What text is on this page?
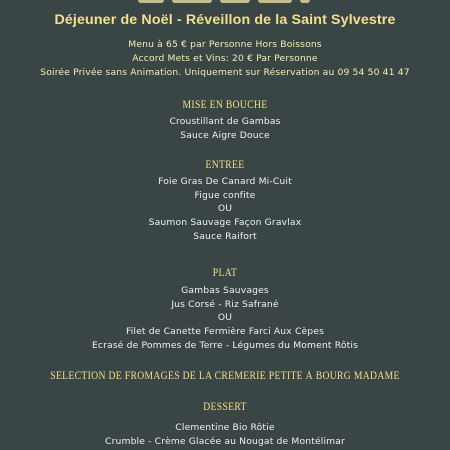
Déjeuner de Noël - Réveillon de la Saint Sylvestre
Menu à 65 € par Personne Hors Boissons
Accord Mets et Vins: 20 € Par Personne
Soirée Privée sans Animation. Uniquement sur Réservation au 09 54 50 41 47
MISE EN BOUCHE
Croustillant de Gambas
Sauce Aigre Douce
ENTREE
Foie Gras De Canard Mi-Cuit
Figue confite
OU
Saumon Sauvage Façon Gravlax
Sauce Raifort
PLAT
Gambas Sauvages
Jus Corsé - Riz Safrané
OU
Filet de Canette Fermière Farci Aux Cèpes
Ecrasé de Pommes de Terre - Légumes du Moment Rôtis
SELECTION DE FROMAGES DE LA CREMERIE PETITE À BOURG MADAME
DESSERT
Clementine Bio Rôtie
Crumble - Crème Glacée au Nougat de Montélimar
